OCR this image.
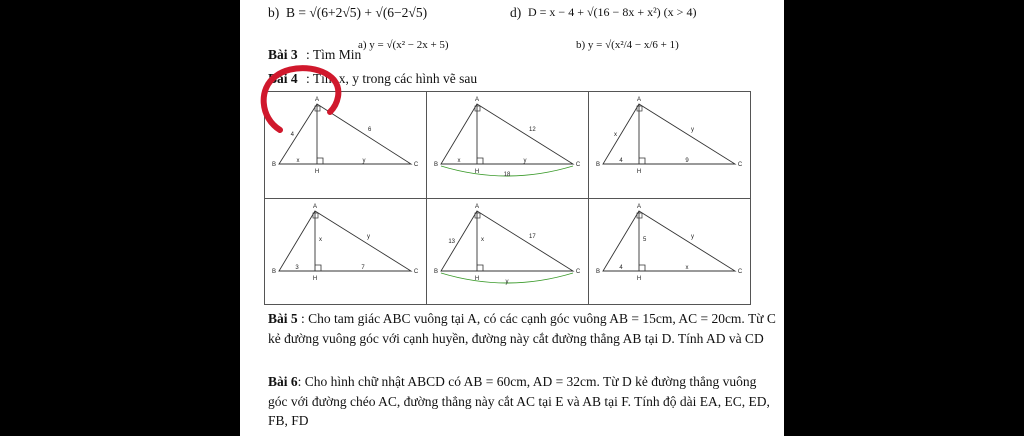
b) B = √(6+2√5) + √(6−2√5)	d) D = x − 4 + √(16 − 8x + x²) (x > 4)
Bài 3 : Tìm Min
a) y = √(x² − 2x + 5)	b) y = √(x²/4 − x/6 + 1)
Bài 4 : Tìm x, y trong các hình vẽ sau
A
B	C
H
4
6
x	y
A
B	C
H
12
x	y
18
A
B	C
H
x
y
4	9
A
B	C
H
y
3	7
x
A
B	C
H
13
17
x
y
A
B	C
H
y
4	x
5
Bài 5 : Cho tam giác ABC vuông tại A, có các cạnh góc vuông AB = 15cm, AC = 20cm. Từ C kẻ đường vuông góc với cạnh huyền, đường này cắt đường thẳng AB tại D. Tính AD và CD
Bài 6: Cho hình chữ nhật ABCD có AB = 60cm, AD = 32cm. Từ D kẻ đường thẳng vuông góc với đường chéo AC, đường thẳng này cắt AC tại E và AB tại F. Tính độ dài EA, EC, ED, FB, FD
